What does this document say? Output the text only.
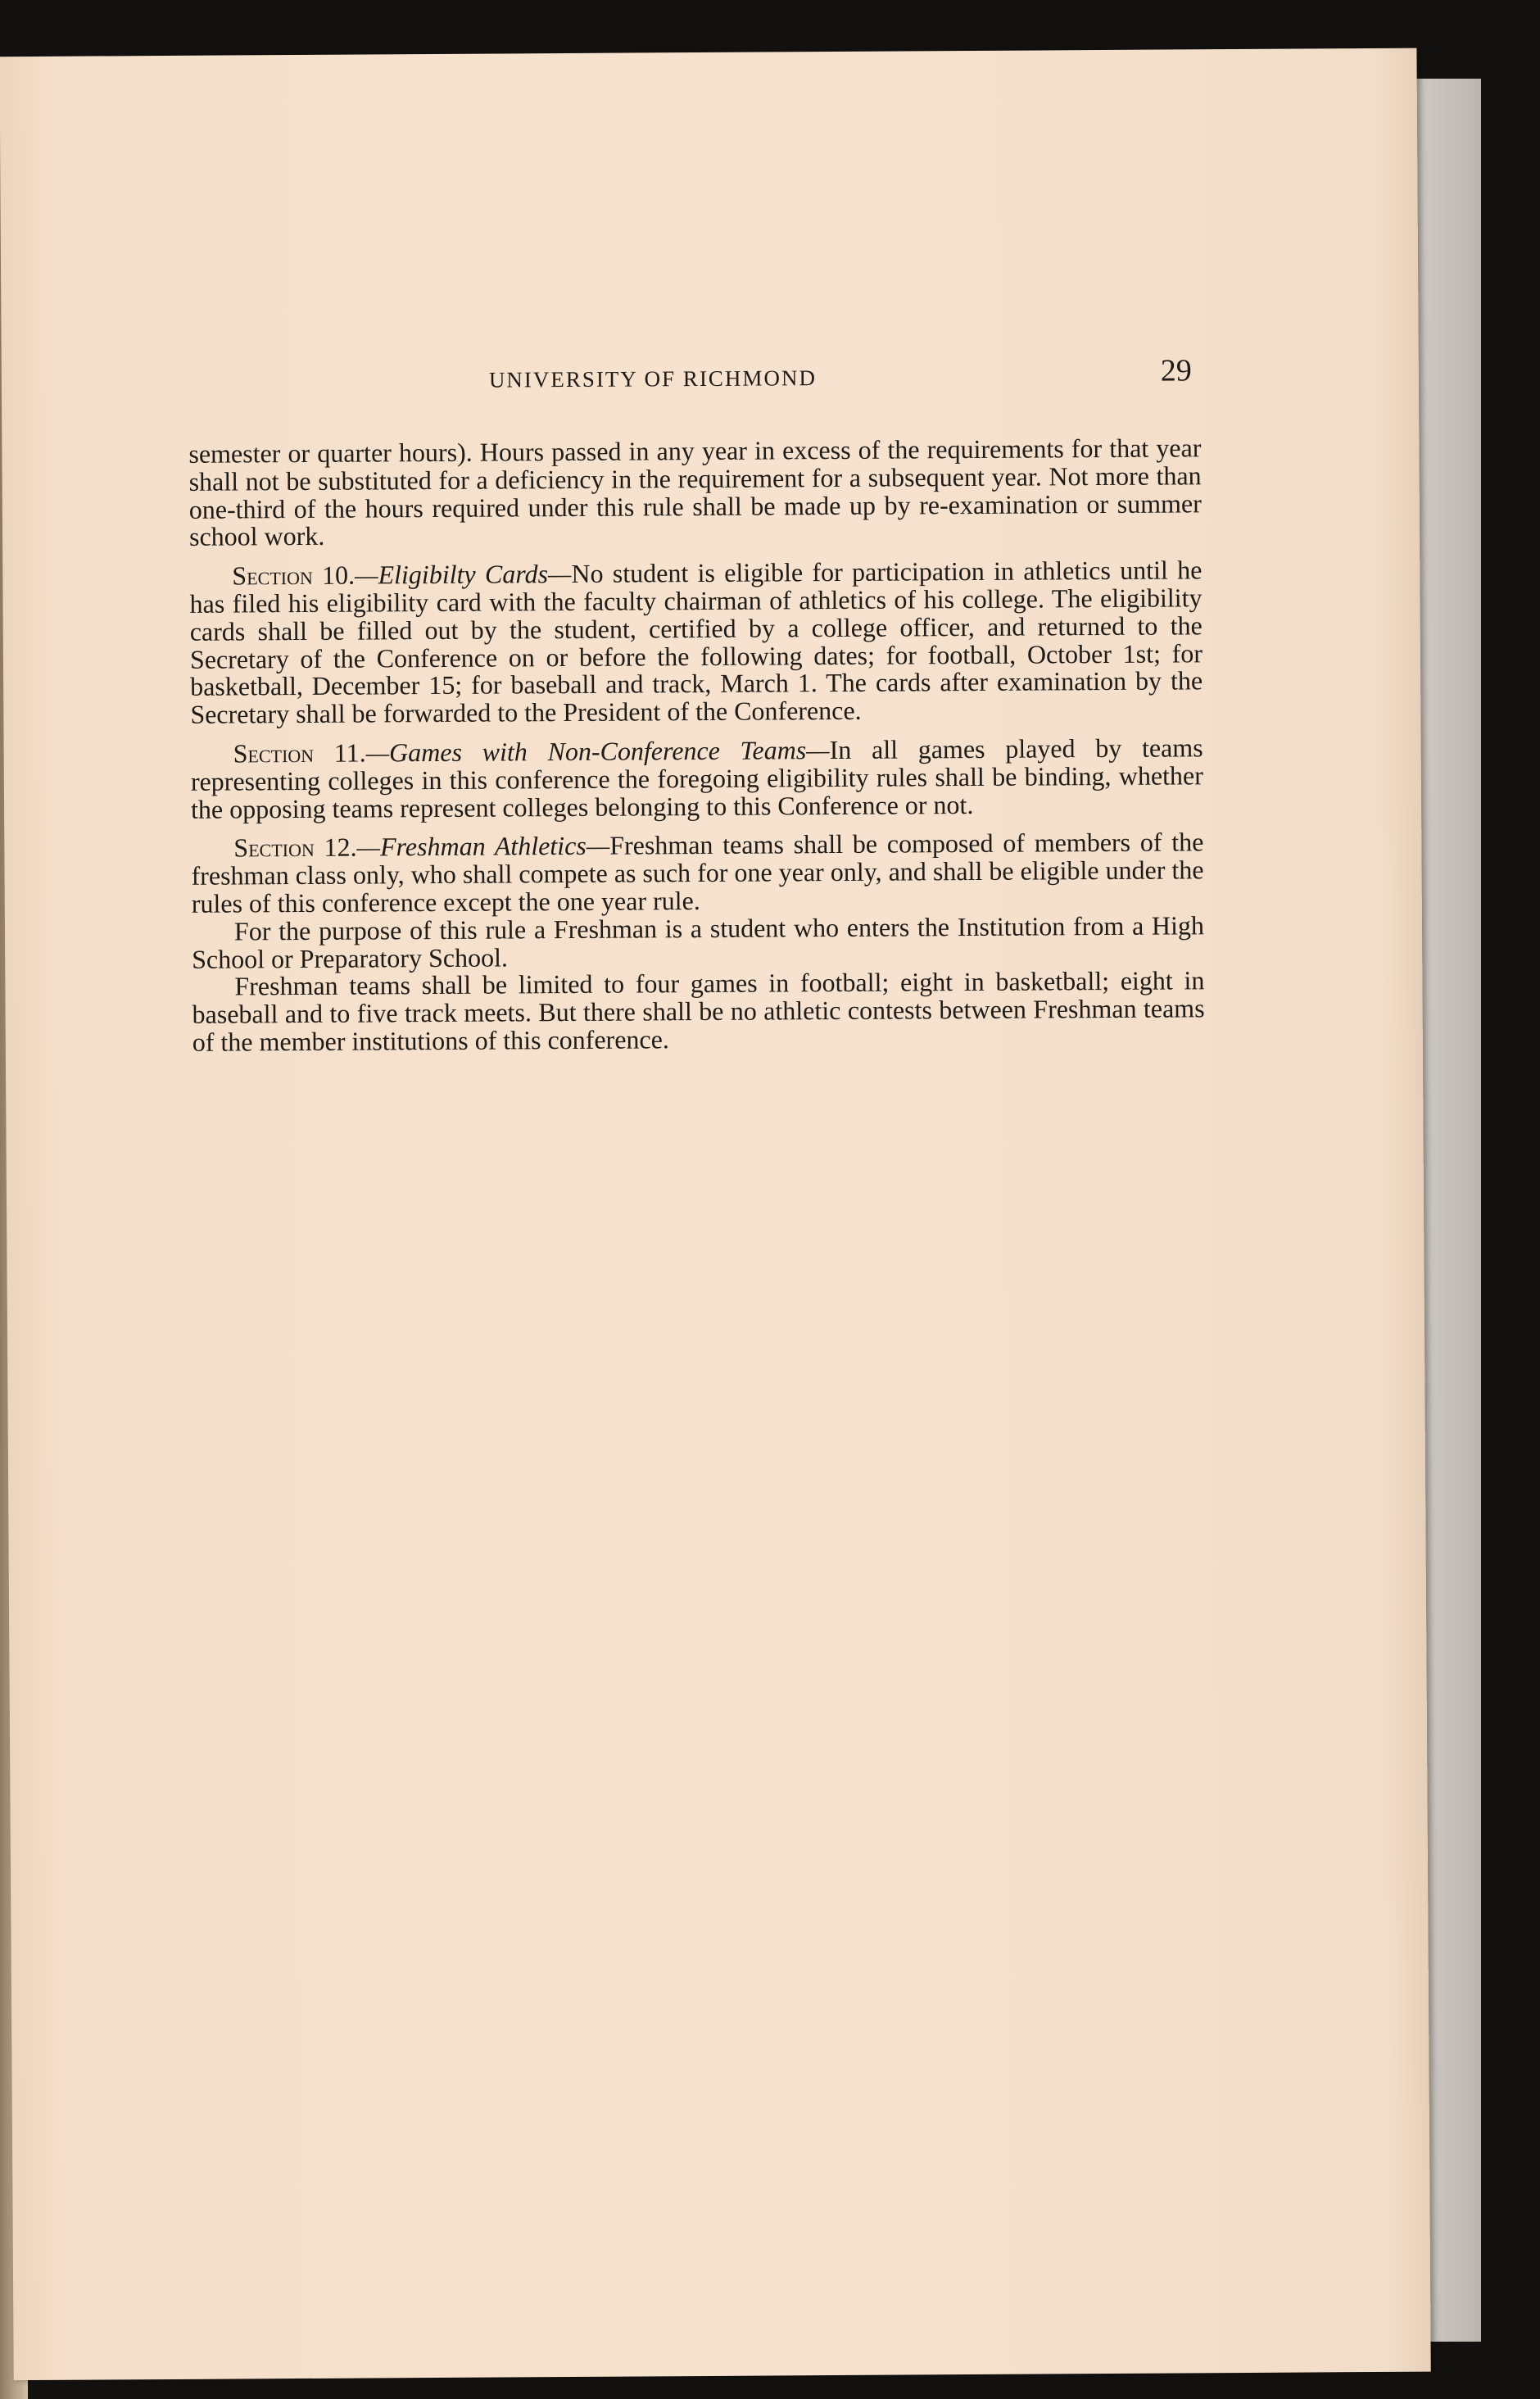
UNIVERSITY OF RICHMOND	29

semester or quarter hours). Hours passed in any year in excess of the requirements for that year shall not be substituted for a deficiency in the requirement for a subsequent year. Not more than one-third of the hours required under this rule shall be made up by re-examination or summer school work.

Section 10.—Eligibilty Cards—No student is eligible for participation in athletics until he has filed his eligibility card with the faculty chairman of athletics of his college. The eligibility cards shall be filled out by the student, certified by a college officer, and returned to the Secretary of the Conference on or before the following dates; for football, October 1st; for basketball, December 15; for baseball and track, March 1. The cards after examination by the Secretary shall be forwarded to the President of the Conference.

Section 11.—Games with Non-Conference Teams—In all games played by teams representing colleges in this conference the foregoing eligibility rules shall be binding, whether the opposing teams represent colleges belonging to this Conference or not.

Section 12.—Freshman Athletics—Freshman teams shall be composed of members of the freshman class only, who shall compete as such for one year only, and shall be eligible under the rules of this conference except the one year rule.

For the purpose of this rule a Freshman is a student who enters the Institution from a High School or Preparatory School.

Freshman teams shall be limited to four games in football; eight in basketball; eight in baseball and to five track meets. But there shall be no athletic contests between Freshman teams of the member institutions of this conference.
